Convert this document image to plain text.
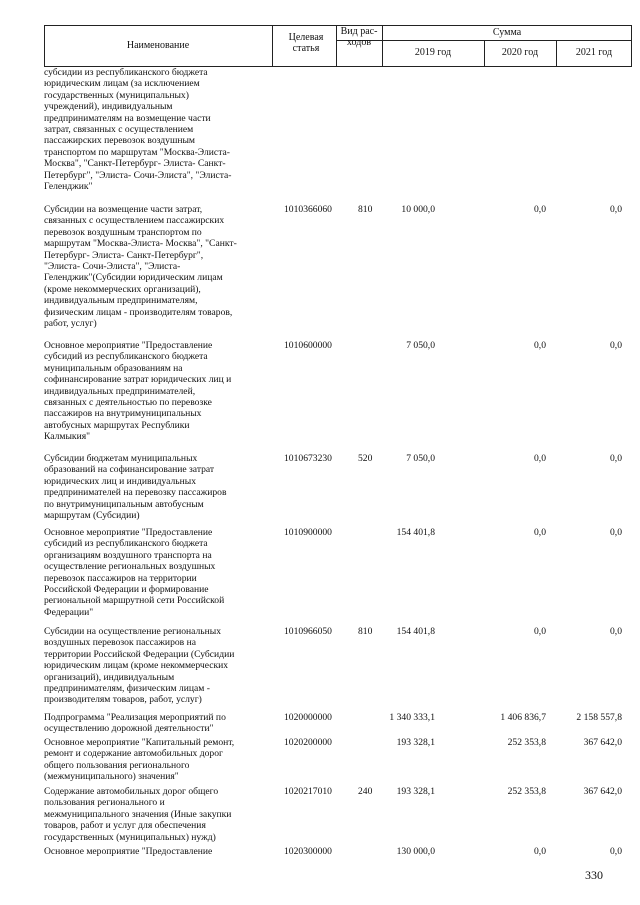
Наименование
Целевая статья
Вид рас-ходов
Сумма
2019 год	2020 год	2021 год
субсидии из республиканского бюджета
юридическим лицам (за исключением
государственных (муниципальных)
учреждений), индивидуальным
предпринимателям на возмещение части
затрат, связанных с осуществлением
пассажирских перевозок воздушным
транспортом по маршрутам "Москва-Элиста-
Москва", "Санкт-Петербург- Элиста- Санкт-
Петербург", "Элиста- Сочи-Элиста", "Элиста-
Геленджик"
Субсидии на возмещение части затрат,
связанных с осуществлением пассажирских
перевозок воздушным транспортом по
маршрутам "Москва-Элиста- Москва", "Санкт-
Петербург- Элиста- Санкт-Петербург",
"Элиста- Сочи-Элиста", "Элиста-
Геленджик"(Субсидии юридическим лицам
(кроме некоммерческих организаций),
индивидуальным предпринимателям,
физическим лицам - производителям товаров,
работ, услуг)
1010366060	810	10 000,0	0,0	0,0
Основное мероприятие "Предоставление
субсидий из республиканского бюджета
муниципальным образованиям на
софинансирование затрат юридических лиц и
индивидуальных предпринимателей,
связанных с деятельностью по перевозке
пассажиров на внутримуниципальных
автобусных маршрутах Республики
Калмыкия"
1010600000	7 050,0	0,0	0,0
Субсидии бюджетам муниципальных
образований на софинансирование затрат
юридических лиц и индивидуальных
предпринимателей на перевозку пассажиров
по внутримуниципальным автобусным
маршрутам (Субсидии)
1010673230	520	7 050,0	0,0	0,0
Основное мероприятие "Предоставление
субсидий из республиканского бюджета
организациям воздушного транспорта на
осуществление региональных воздушных
перевозок пассажиров на территории
Российской Федерации и формирование
региональной маршрутной сети Российской
Федерации"
1010900000	154 401,8	0,0	0,0
Субсидии на осуществление региональных
воздушных перевозок пассажиров на
территории Российской Федерации (Субсидии
юридическим лицам (кроме некоммерческих
организаций), индивидуальным
предпринимателям, физическим лицам -
производителям товаров, работ, услуг)
1010966050	810	154 401,8	0,0	0,0
Подпрограмма "Реализация мероприятий по
осуществлению дорожной деятельности"
1020000000	1 340 333,1	1 406 836,7	2 158 557,8
Основное мероприятие "Капитальный ремонт,
ремонт и содержание автомобильных дорог
общего пользования регионального
(межмуниципального) значения"
1020200000	193 328,1	252 353,8	367 642,0
Содержание автомобильных дорог общего
пользования регионального и
межмуниципального значения (Иные закупки
товаров, работ и услуг для обеспечения
государственных (муниципальных) нужд)
1020217010	240	193 328,1	252 353,8	367 642,0
Основное мероприятие "Предоставление	1020300000	130 000,0	0,0	0,0
330
